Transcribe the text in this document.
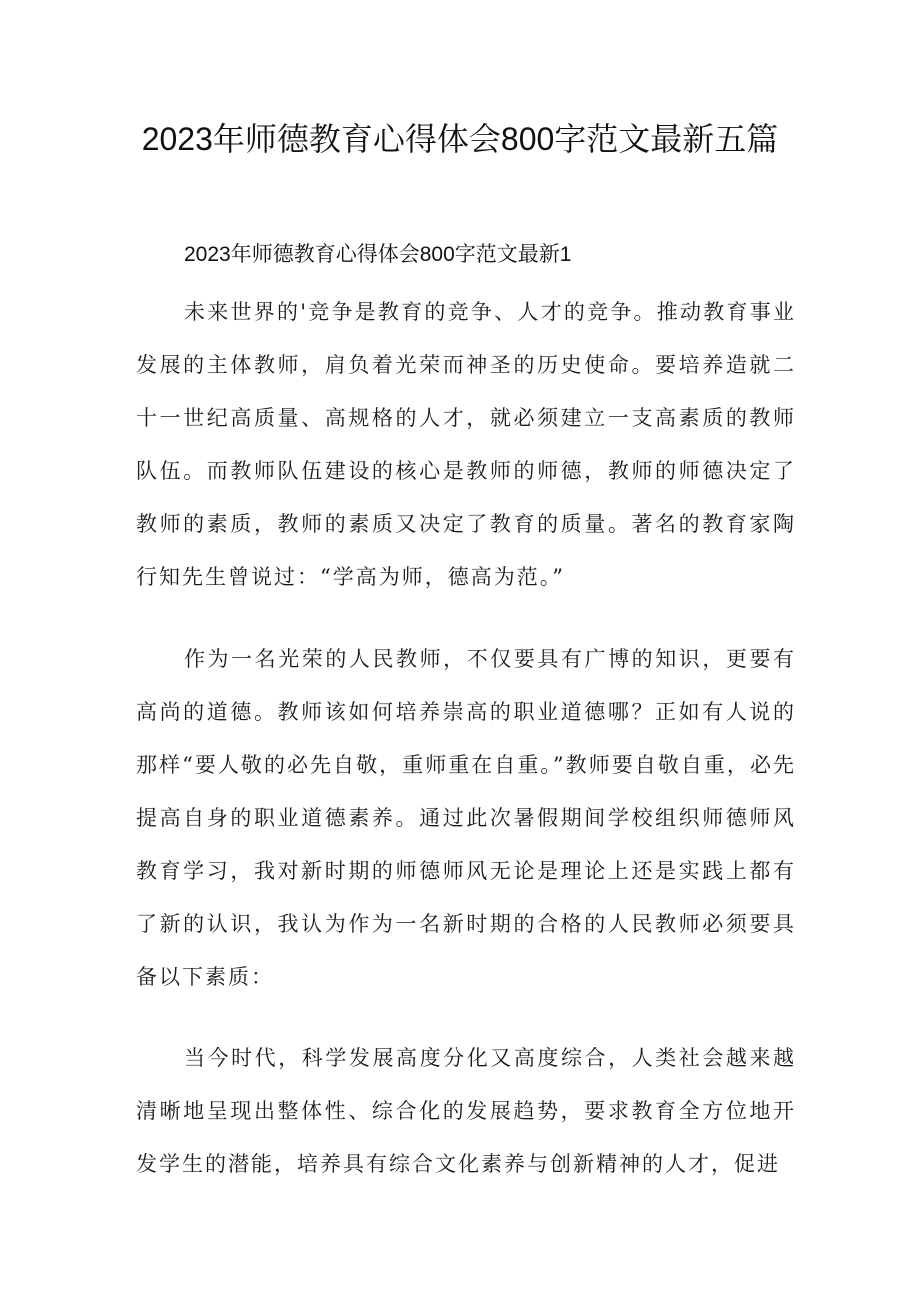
2023年师德教育心得体会800字范文最新五篇
2023年师德教育心得体会800字范文最新1

未来世界的'竞争是教育的竞争、人才的竞争。推动教育事业发展的主体教师，肩负着光荣而神圣的历史使命。要培养造就二十一世纪高质量、高规格的人才，就必须建立一支高素质的教师队伍。而教师队伍建设的核心是教师的师德，教师的师德决定了教师的素质，教师的素质又决定了教育的质量。著名的教育家陶行知先生曾说过：“学高为师，德高为范。”

作为一名光荣的人民教师，不仅要具有广博的知识，更要有高尚的道德。教师该如何培养崇高的职业道德哪？正如有人说的那样“要人敬的必先自敬，重师重在自重。”教师要自敬自重，必先提高自身的职业道德素养。通过此次暑假期间学校组织师德师风教育学习，我对新时期的师德师风无论是理论上还是实践上都有了新的认识，我认为作为一名新时期的合格的人民教师必须要具备以下素质：

当今时代，科学发展高度分化又高度综合，人类社会越来越清晰地呈现出整体性、综合化的发展趋势，要求教育全方位地开发学生的潜能，培养具有综合文化素养与创新精神的人才，促进
